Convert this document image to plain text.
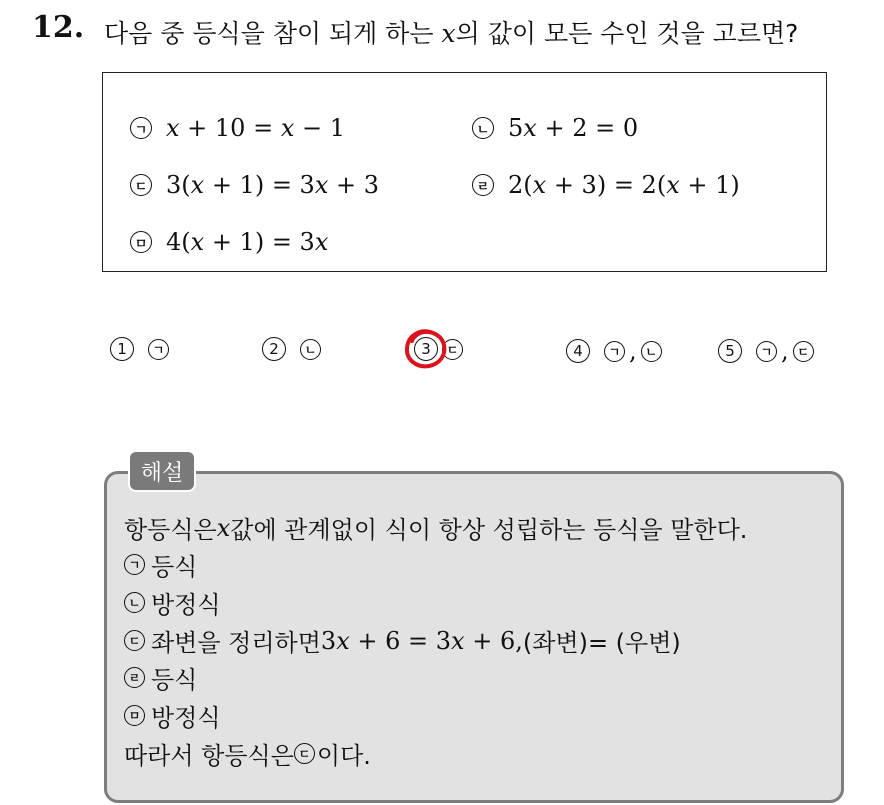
12. 다음 중 등식을 참이 되게 하는 x의 값이 모든 수인 것을 고르면?
ㄱ x + 10 = x − 1	ㄴ 5x + 2 = 0
ㄷ 3(x + 1) = 3x + 3	ㄹ 2(x + 3) = 2(x + 1)
ㅁ 4(x + 1) = 3x
1	ㄱ	2	ㄴ	3	ㄷ	4	ㄱ , ㄴ	5	ㄱ , ㄷ
해설
항등식은 x 값에 관계없이 식이 항상 성립하는 등식을 말한다.
ㄱ 등식
ㄴ 방정식
ㄷ 좌변을 정리하면 3x + 6 = 3x + 6, (좌변)= (우변)
ㄹ 등식
ㅁ 방정식
따라서 항등식은 ㄷ 이다.
